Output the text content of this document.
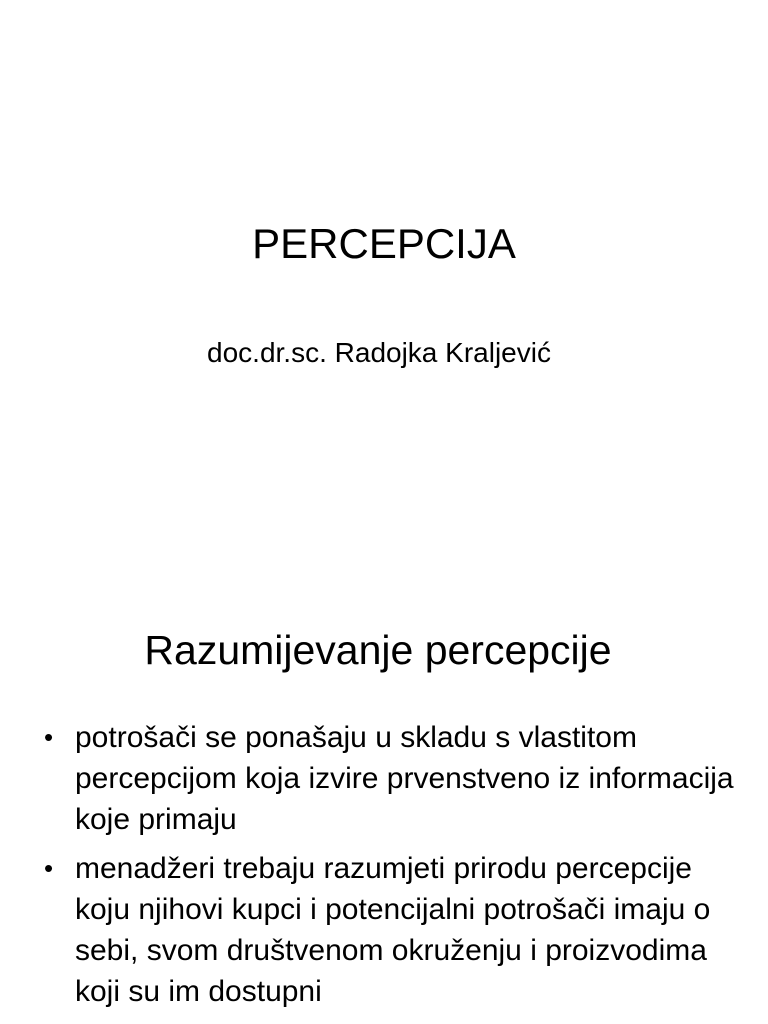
PERCEPCIJA

doc.dr.sc. Radojka Kraljević

Razumijevanje percepcije
• potrošači se ponašaju u skladu s vlastitom percepcijom koja izvire prvenstveno iz informacija koje primaju
• menadžeri trebaju razumjeti prirodu percepcije koju njihovi kupci i potencijalni potrošači imaju o sebi, svom društvenom okruženju i proizvodima koji su im dostupni
